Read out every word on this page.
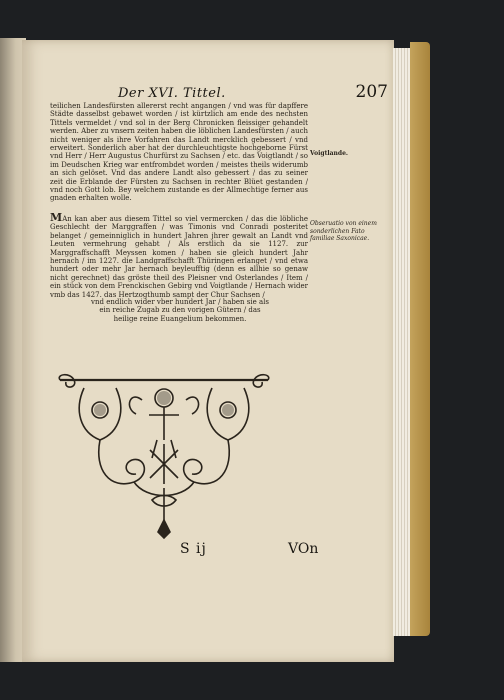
Der XVI. Tittel.	207

teilichen Landesfürsten allererst recht angangen / vnd was für dapffere Städte dasselbst gebawet worden / ist kürtzlich am ende des nechsten Tittels vermeldet / vnd sol in der Berg Chronicken fleissiger gehandelt werden. Aber zu vnsern zeiten haben die löblichen Landesfürsten / auch nicht weniger als ihre Vorfahren das Landt mercklich gebessert / vnd erweitert. Sonderlich aber hat der durchleuchtigste hochgeborne Fürst vnd Herr / Herr Augustus Churfürst zu Sachsen / etc. das Voigtlandt / so im Deudschen Krieg war entfrombdet worden / meistes theils widerumb an sich gelöset. Vnd das andere Landt also gebessert / das zu seiner zeit die Erblande der Fürsten zu Sachsen in rechter Blüet gestanden / vnd noch Gott lob. Bey welchem zustande es der Allmechtige ferner aus gnaden erhalten wolle.

MAn kan aber aus diesem Tittel so viel vermercken / das die löbliche Geschlecht der Marggraffen / was Timonis vnd Conradi posteritet belanget / gemeinniglich in hundert Jahren jhrer gewalt an Landt vnd Leuten vermehrung gehabt / Als erstlich da sie 1127. zur Marggraffschafft Meyssen komen / haben sie gleich hundert Jahr hernach / im 1227. die Landgraffschafft Thüringen erlanget / vnd etwa hundert oder mehr Jar hernach beyleufftig (denn es allhie so genaw nicht gerechnet) das gröste theil des Pleisner vnd Osterlandes / Item / ein stück von dem Frenckischen Gebirg vnd Voigtlande / Hernach wider vmb das 1427. das Hertzogthumb sampt der Chur Sachsen /

vnd endlich wider vber hundert Jar / haben sie als ein reiche Zugab zu den vorigen Gütern / das heilige reine Euangelium bekommen.

Voigtlande.
Obseruatio von einem sonderlichen Fato familiae Saxonicae.
S ij	VOn
